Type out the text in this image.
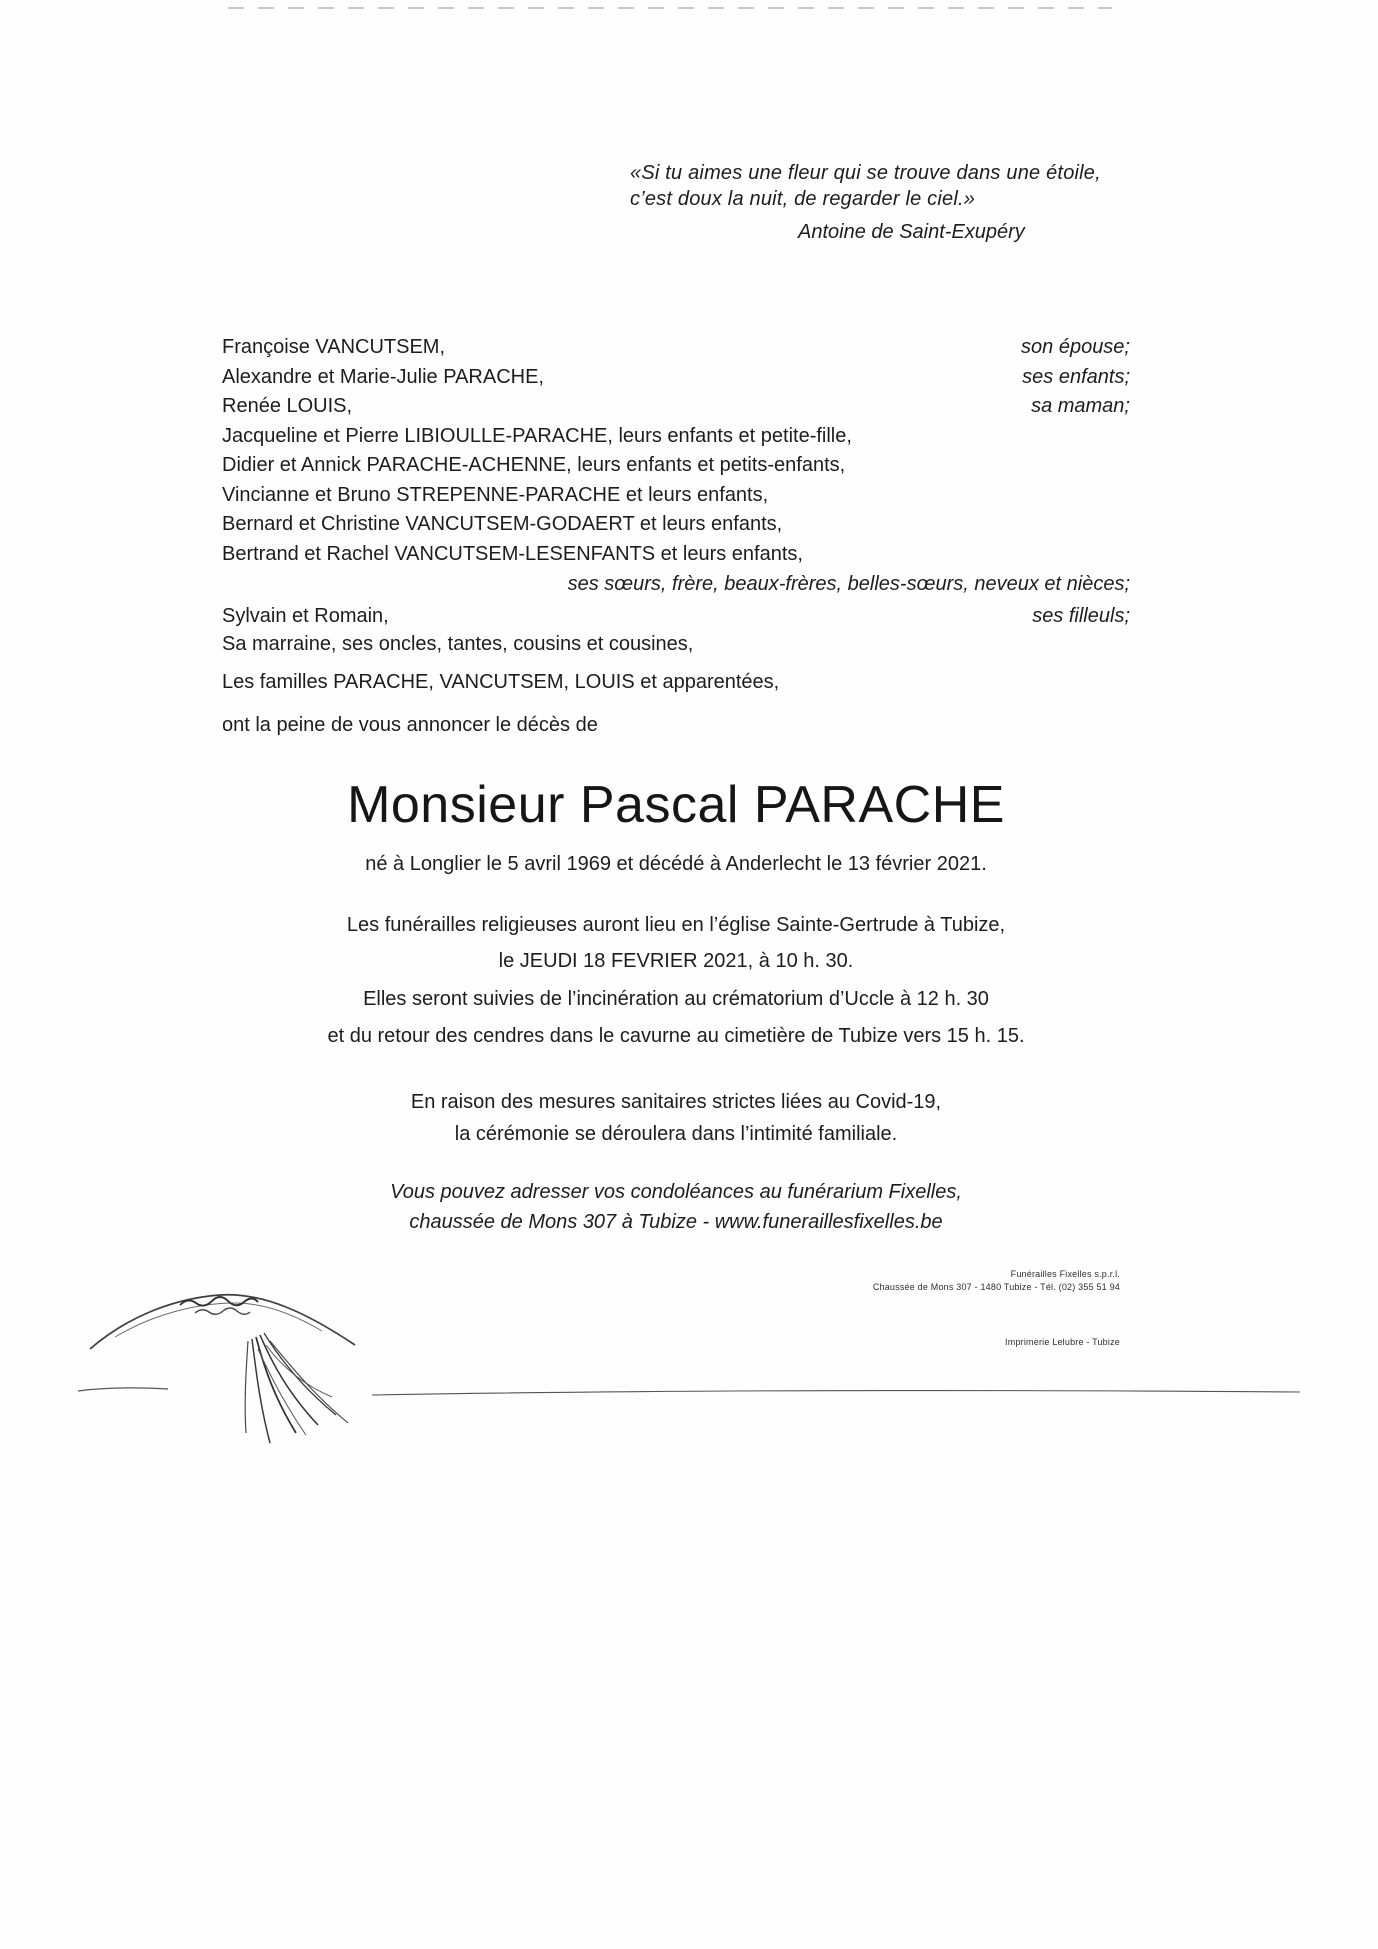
«Si tu aimes une fleur qui se trouve dans une étoile,
c’est doux la nuit, de regarder le ciel.»
Antoine de Saint-Exupéry
Françoise VANCUTSEM,	son épouse;
Alexandre et Marie-Julie PARACHE,	ses enfants;
Renée LOUIS,	sa maman;
Jacqueline et Pierre LIBIOULLE-PARACHE, leurs enfants et petite-fille,
Didier et Annick PARACHE-ACHENNE, leurs enfants et petits-enfants,
Vincianne et Bruno STREPENNE-PARACHE et leurs enfants,
Bernard et Christine VANCUTSEM-GODAERT et leurs enfants,
Bertrand et Rachel VANCUTSEM-LESENFANTS et leurs enfants,
ses sœurs, frère, beaux-frères, belles-sœurs, neveux et nièces;
Sylvain et Romain,	ses filleuls;
Sa marraine, ses oncles, tantes, cousins et cousines,
Les familles PARACHE, VANCUTSEM, LOUIS et apparentées,
ont la peine de vous annoncer le décès de
Monsieur Pascal PARACHE
né à Longlier le 5 avril 1969 et décédé à Anderlecht le 13 février 2021.
Les funérailles religieuses auront lieu en l’église Sainte-Gertrude à Tubize,
le JEUDI 18 FEVRIER 2021, à 10 h. 30.
Elles seront suivies de l’incinération au crématorium d’Uccle à 12 h. 30
et du retour des cendres dans le cavurne au cimetière de Tubize vers 15 h. 15.
En raison des mesures sanitaires strictes liées au Covid-19,
la cérémonie se déroulera dans l’intimité familiale.
Vous pouvez adresser vos condoléances au funérarium Fixelles,
chaussée de Mons 307 à Tubize - www.funeraillesfixelles.be
Funérailles Fixelles s.p.r.l.
Chaussée de Mons 307 - 1480 Tubize - Tél. (02) 355 51 94
Imprimerie Lelubre - Tubize
